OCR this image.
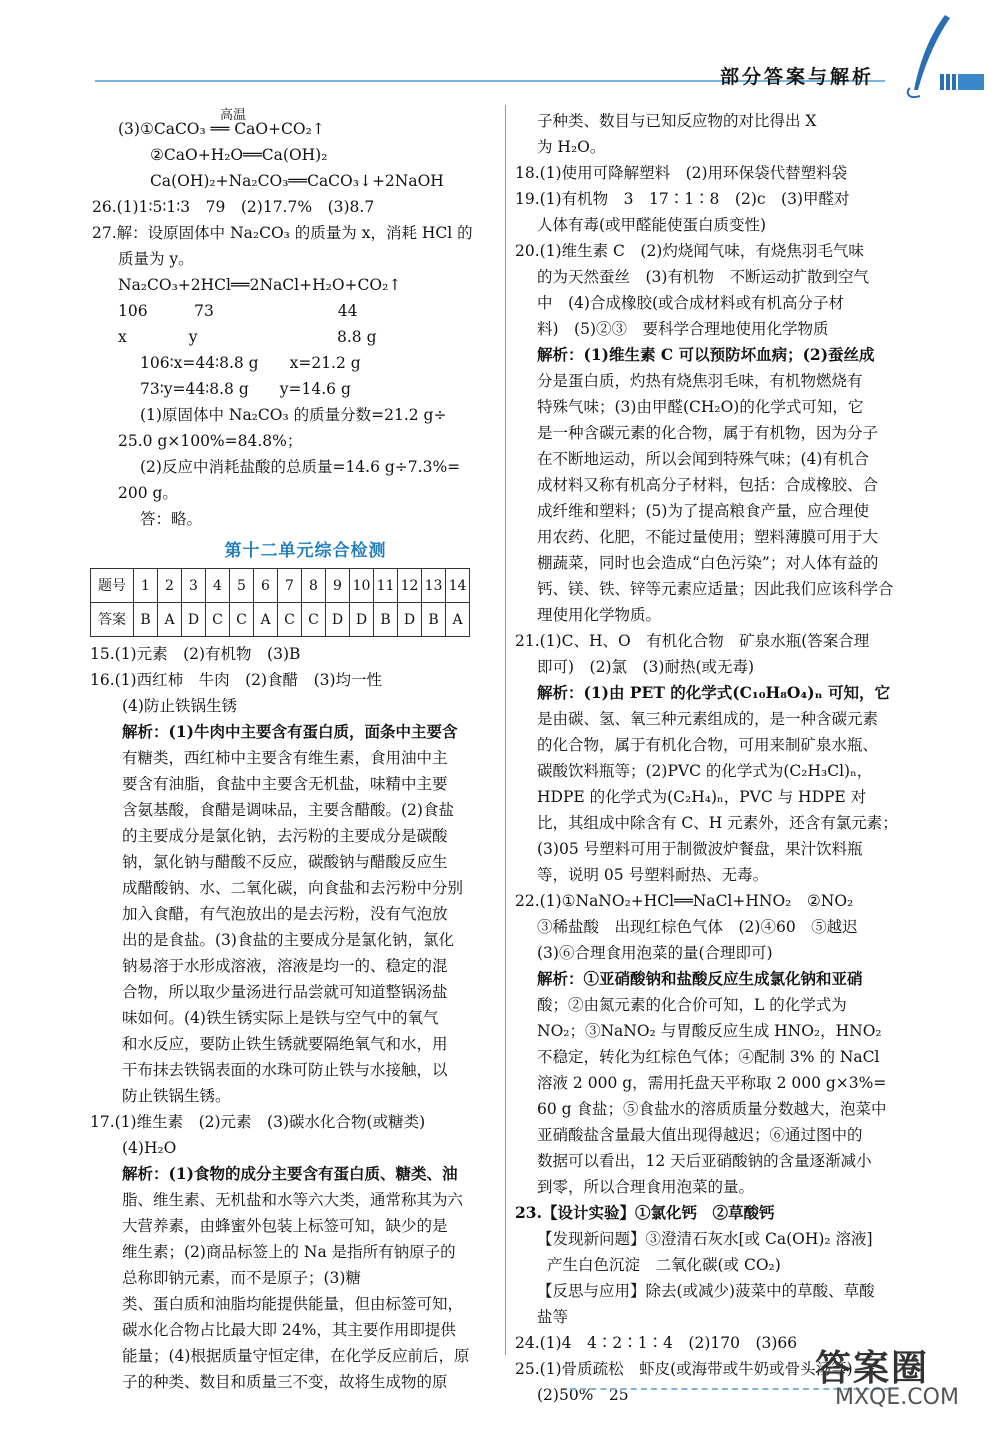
部分答案与解析
(3)①CaCO₃ ══ CaO+CO₂↑
②CaO+H₂O══Ca(OH)₂
Ca(OH)₂+Na₂CO₃══CaCO₃↓+2NaOH
26.(1)1∶5∶1∶3　79　(2)17.7%　(3)8.7
27.解：设原固体中 Na₂CO₃ 的质量为 x，消耗 HCl 的
质量为 y。
Na₂CO₃+2HCl══2NaCl+H₂O+CO₂↑
106　　　73　　　　　　　　44
x　　　　y　　　　　　　　　8.8 g
106∶x=44∶8.8 g　　x=21.2 g
73∶y=44∶8.8 g　　y=14.6 g
(1)原固体中 Na₂CO₃ 的质量分数=21.2 g÷
25.0 g×100%=84.8%；
(2)反应中消耗盐酸的总质量=14.6 g÷7.3%=
200 g。
答：略。
第十二单元综合检测
题号	1	2	3	4	5	6	7	8	9	10	11	12	13	14
答案	B	A	D	C	C	A	C	C	D	D	B	D	B	A
15.(1)元素　(2)有机物　(3)B
16.(1)西红柿　牛肉　(2)食醋　(3)均一性
(4)防止铁锅生锈
解析：(1)牛肉中主要含有蛋白质，面条中主要含
有糖类，西红柿中主要含有维生素，食用油中主
要含有油脂，食盐中主要含无机盐，味精中主要
含氨基酸，食醋是调味品，主要含醋酸。(2)食盐
的主要成分是氯化钠，去污粉的主要成分是碳酸
钠，氯化钠与醋酸不反应，碳酸钠与醋酸反应生
成醋酸钠、水、二氧化碳，向食盐和去污粉中分别
加入食醋，有气泡放出的是去污粉，没有气泡放
出的是食盐。(3)食盐的主要成分是氯化钠，氯化
钠易溶于水形成溶液，溶液是均一的、稳定的混
合物，所以取少量汤进行品尝就可知道整锅汤盐
味如何。(4)铁生锈实际上是铁与空气中的氧气
和水反应，要防止铁生锈就要隔绝氧气和水，用
干布抹去铁锅表面的水珠可防止铁与水接触，以
防止铁锅生锈。
17.(1)维生素　(2)元素　(3)碳水化合物(或糖类)
(4)H₂O
解析：(1)食物的成分主要含有蛋白质、糖类、油
脂、维生素、无机盐和水等六大类，通常称其为六
大营养素，由蜂蜜外包装上标签可知，缺少的是
维生素；(2)商品标签上的 Na 是指所有钠原子的
总称即钠元素，而不是原子；(3)糖
类、蛋白质和油脂均能提供能量，但由标签可知，
碳水化合物占比最大即 24%，其主要作用即提供
能量；(4)根据质量守恒定律，在化学反应前后，原
子的种类、数目和质量三不变，故将生成物的原
高温	子种类、数目与已知反应物的对比得出 X
为 H₂O。
18.(1)使用可降解塑料　(2)用环保袋代替塑料袋
19.(1)有机物　3　17∶1∶8　(2)c　(3)甲醛对
人体有毒(或甲醛能使蛋白质变性)
20.(1)维生素 C　(2)灼烧闻气味，有烧焦羽毛气味
的为天然蚕丝　(3)有机物　不断运动扩散到空气
中　(4)合成橡胶(或合成材料或有机高分子材
料)　(5)②③　要科学合理地使用化学物质
解析：(1)维生素 C 可以预防坏血病；(2)蚕丝成
分是蛋白质，灼热有烧焦羽毛味，有机物燃烧有
特殊气味；(3)由甲醛(CH₂O)的化学式可知，它
是一种含碳元素的化合物，属于有机物，因为分子
在不断地运动，所以会闻到特殊气味；(4)有机合
成材料又称有机高分子材料，包括：合成橡胶、合
成纤维和塑料；(5)为了提高粮食产量，应合理使
用农药、化肥，不能过量使用；塑料薄膜可用于大
棚蔬菜，同时也会造成“白色污染”；对人体有益的
钙、镁、铁、锌等元素应适量；因此我们应该科学合
理使用化学物质。
21.(1)C、H、O　有机化合物　矿泉水瓶(答案合理
即可)　(2)氯　(3)耐热(或无毒)
解析：(1)由 PET 的化学式(C₁₀H₈O₄)ₙ 可知，它
是由碳、氢、氧三种元素组成的，是一种含碳元素
的化合物，属于有机化合物，可用来制矿泉水瓶、
碳酸饮料瓶等；(2)PVC 的化学式为(C₂H₃Cl)ₙ，
HDPE 的化学式为(C₂H₄)ₙ，PVC 与 HDPE 对
比，其组成中除含有 C、H 元素外，还含有氯元素；
(3)05 号塑料可用于制微波炉餐盘，果汁饮料瓶
等，说明 05 号塑料耐热、无毒。
22.(1)①NaNO₂+HCl══NaCl+HNO₂　②NO₂
③稀盐酸　出现红棕色气体　(2)④60　⑤越迟
(3)⑥合理食用泡菜的量(合理即可)
解析：①亚硝酸钠和盐酸反应生成氯化钠和亚硝
酸；②由氮元素的化合价可知，L 的化学式为
NO₂；③NaNO₂ 与胃酸反应生成 HNO₂，HNO₂
不稳定，转化为红棕色气体；④配制 3% 的 NaCl
溶液 2 000 g，需用托盘天平称取 2 000 g×3%=
60 g 食盐；⑤食盐水的溶质质量分数越大，泡菜中
亚硝酸盐含量最大值出现得越迟；⑥通过图中的
数据可以看出，12 天后亚硝酸钠的含量逐渐减小
到零，所以合理食用泡菜的量。
23.【设计实验】①氯化钙　②草酸钙
【发现新问题】③澄清石灰水[或 Ca(OH)₂ 溶液]
产生白色沉淀　二氧化碳(或 CO₂)
【反思与应用】除去(或减少)菠菜中的草酸、草酸
盐等
24.(1)4　4∶2∶1∶4　(2)170　(3)66
25.(1)骨质疏松　虾皮(或海带或牛奶或骨头汤等)
(2)50%　25
答案圈
MXQE.COM
